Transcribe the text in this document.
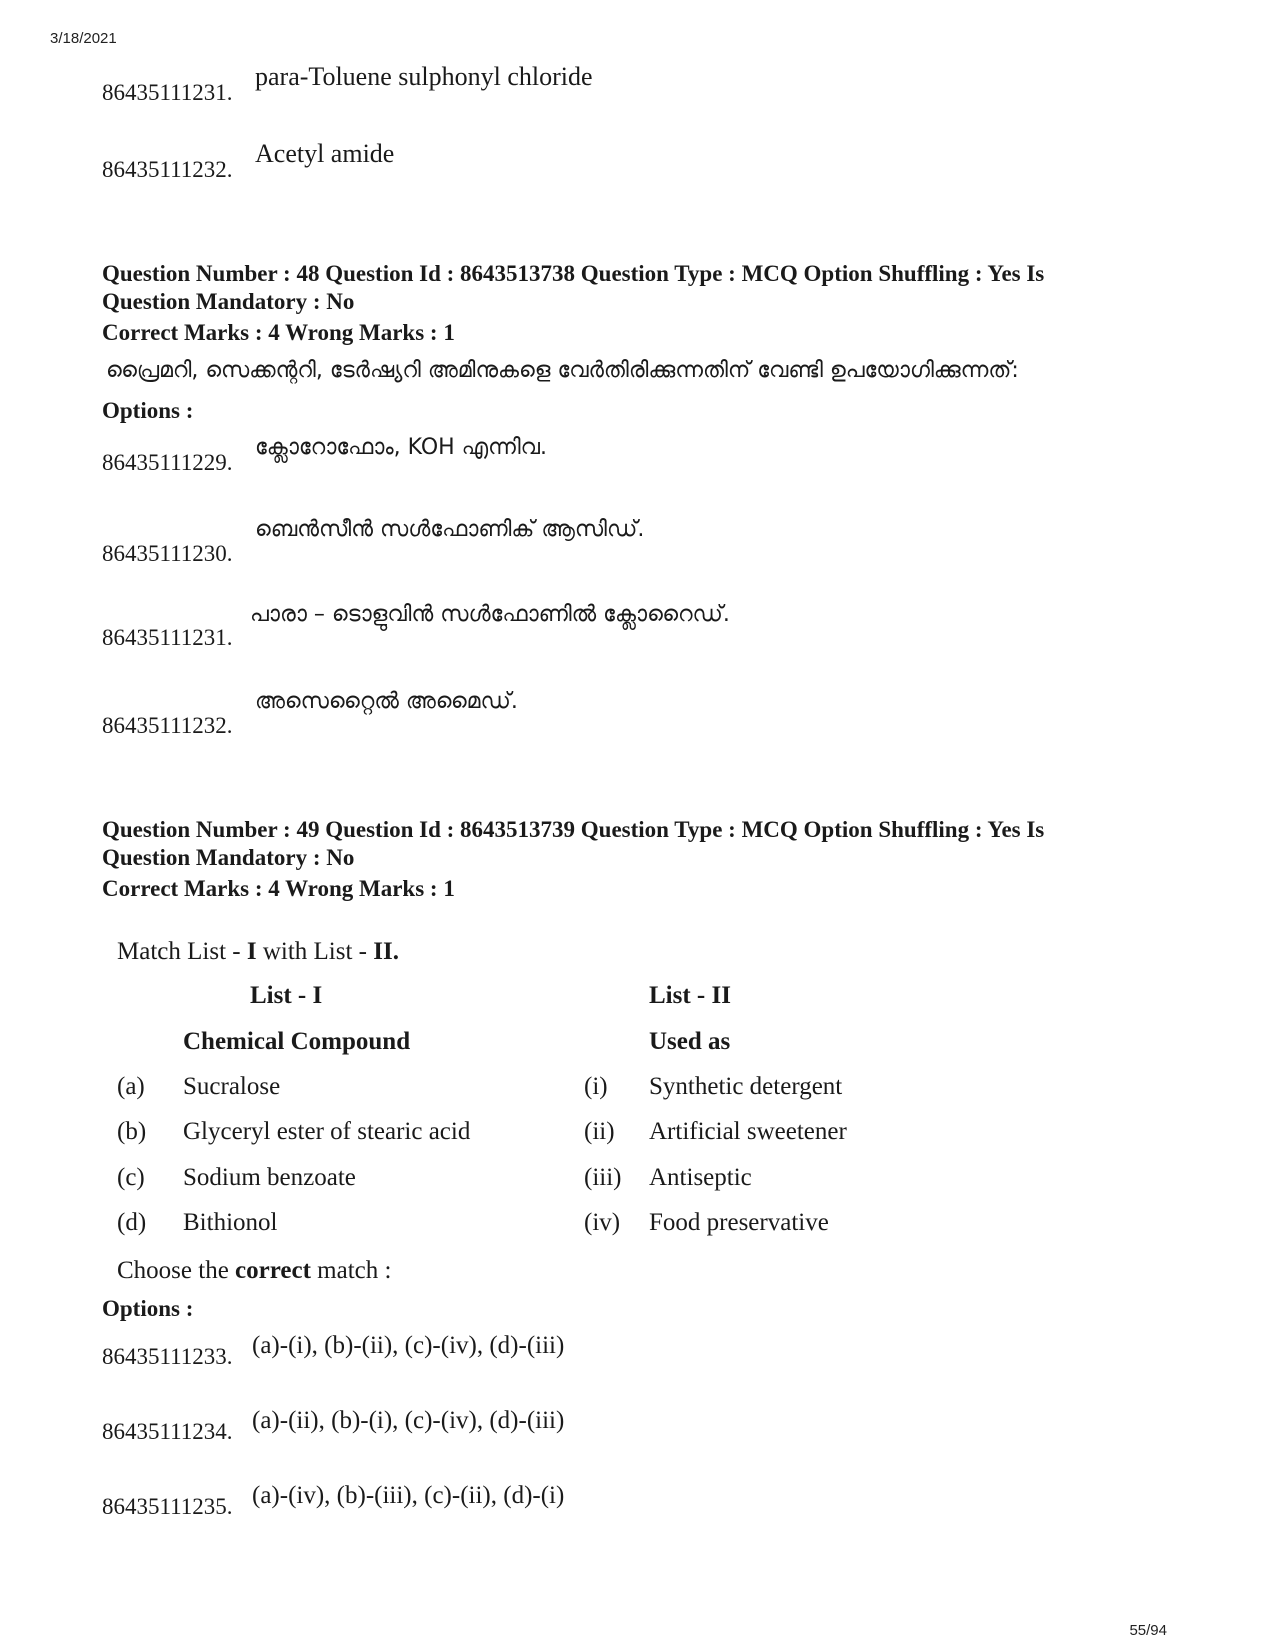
3/18/2021
86435111231.
para-Toluene sulphonyl chloride
86435111232.
Acetyl amide
Question Number : 48 Question Id : 8643513738 Question Type : MCQ Option Shuffling : Yes Is
Question Mandatory : No
Correct Marks : 4 Wrong Marks : 1
പ്രൈമറി, സെക്കന്ററി, ടേർഷ്യറി അമിനുകളെ വേർതിരിക്കുന്നതിന് വേണ്ടി ഉപയോഗിക്കുന്നത്:
Options :
86435111229.
ക്ലോറോഫോം, KOH എന്നിവ.
86435111230.
ബെൻസീൻ സൾഫോണിക് ആസിഡ്.
86435111231.
പാരാ – ടൊളുവിൻ സൾഫോണിൽ ക്ലോറൈഡ്.
86435111232.
അസെറ്റൈൽ അമൈഡ്.
Question Number : 49 Question Id : 8643513739 Question Type : MCQ Option Shuffling : Yes Is
Question Mandatory : No
Correct Marks : 4 Wrong Marks : 1
Match List - I with List - II.
List - I	List - II
Chemical Compound	Used as
(a) Sucralose	(i) Synthetic detergent
(b) Glyceryl ester of stearic acid	(ii) Artificial sweetener
(c) Sodium benzoate	(iii) Antiseptic
(d) Bithionol	(iv) Food preservative
Choose the correct match :
Options :
86435111233. (a)-(i), (b)-(ii), (c)-(iv), (d)-(iii)
86435111234. (a)-(ii), (b)-(i), (c)-(iv), (d)-(iii)
86435111235. (a)-(iv), (b)-(iii), (c)-(ii), (d)-(i)
55/94
